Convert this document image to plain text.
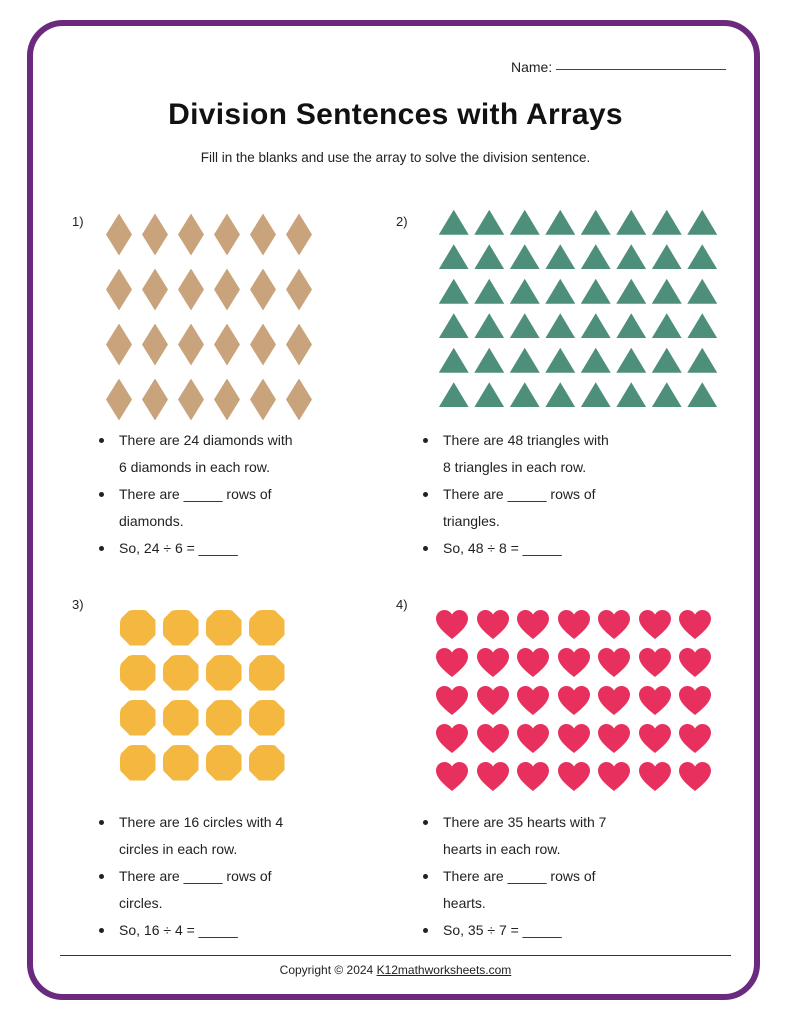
Name:
Division Sentences with Arrays
Fill in the blanks and use the array to solve the division sentence.
1)
There are 24 diamonds with
6 diamonds in each row.
There are _____ rows of
diamonds.
So, 24 ÷ 6 = _____
2)
There are 48 triangles with
8 triangles in each row.
There are _____ rows of
triangles.
So, 48 ÷ 8 = _____
3)
There are 16 circles with 4
circles in each row.
There are _____ rows of
circles.
So, 16 ÷ 4 = _____
4)
There are 35 hearts with 7
hearts in each row.
There are _____ rows of
hearts.
So, 35 ÷ 7 = _____
Copyright © 2024 K12mathworksheets.com
